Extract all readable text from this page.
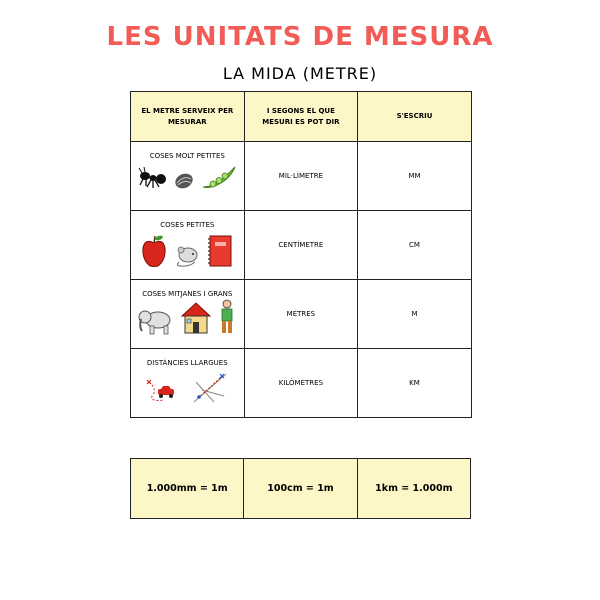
LES UNITATS DE MESURA
LA MIDA (METRE)
EL METRE SERVEIX PER MESURAR	I SEGONS EL QUE MESURI ES POT DIR	S'ESCRIU

COSES MOLT PETITES	MIL·LÍMETRE	MM

COSES PETITES	CENTÍMETRE	CM

COSES MITJANES I GRANS	METRES	M

DISTÀNCIES LLARGUES	KILÒMETRES	KM
1.000mm = 1m	100cm = 1m	1km = 1.000m
